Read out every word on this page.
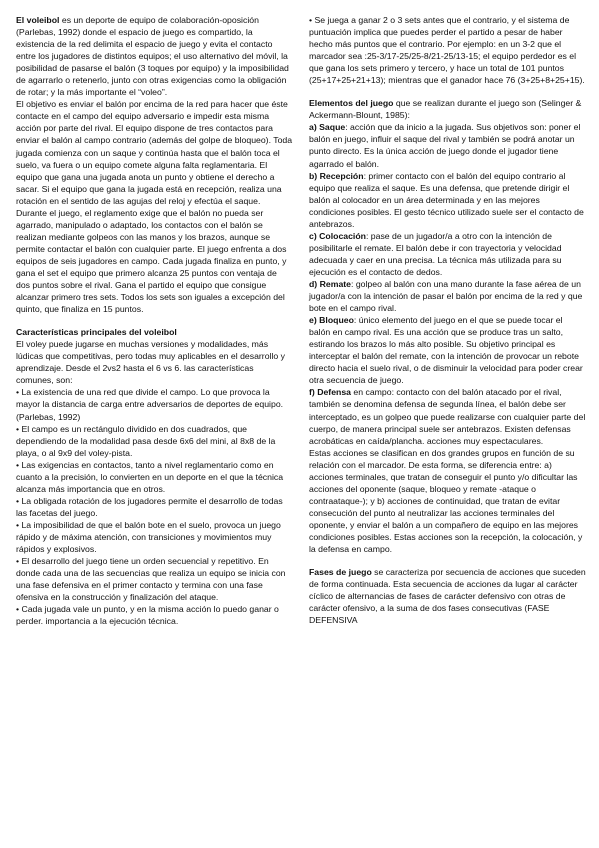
El voleibol es un deporte de equipo de colaboración-oposición (Parlebas, 1992) donde el espacio de juego es compartido, la existencia de la red delimita el espacio de juego y evita el contacto entre los jugadores de distintos equipos; el uso alternativo del móvil, la posibilidad de pasarse el balón (3 toques por equipo) y la imposibilidad de agarrarlo o retenerlo, junto con otras exigencias como la obligación de rotar; y la más importante el “voleo”.

El objetivo es enviar el balón por encima de la red para hacer que éste contacte en el campo del equipo adversario e impedir esta misma acción por parte del rival. El equipo dispone de tres contactos para enviar el balón al campo contrario (además del golpe de bloqueo). Toda jugada comienza con un saque y continúa hasta que el balón toca el suelo, va fuera o un equipo comete alguna falta reglamentaria. El equipo que gana una jugada anota un punto y obtiene el derecho a sacar. Si el equipo que gana la jugada está en recepción, realiza una rotación en el sentido de las agujas del reloj y efectúa el saque. Durante el juego, el reglamento exige que el balón no pueda ser agarrado, manipulado o adaptado, los contactos con el balón se realizan mediante golpeos con las manos y los brazos, aunque se permite contactar el balón con cualquier parte. El juego enfrenta a dos equipos de seis jugadores en campo. Cada jugada finaliza en punto, y gana el set el equipo que primero alcanza 25 puntos con ventaja de dos puntos sobre el rival. Gana el partido el equipo que consigue alcanzar primero tres sets. Todos los sets son iguales a excepción del quinto, que finaliza en 15 puntos.

Características principales del voleibol

El voley puede jugarse en muchas versiones y modalidades, más lúdicas que competitivas, pero todas muy aplicables en el desarrollo y aprendizaje. Desde el 2vs2 hasta el 6 vs 6. las características comunes, son:

• La existencia de una red que divide el campo. Lo que provoca la mayor la distancia de carga entre adversarios de deportes de equipo. (Parlebas, 1992)

• El campo es un rectángulo dividido en dos cuadrados, que dependiendo de la modalidad pasa desde 6x6 del mini, al 8x8 de la playa, o al 9x9 del voley-pista.

• Las exigencias en contactos, tanto a nivel reglamentario como en cuanto a la precisión, lo convierten en un deporte en el que la técnica alcanza más importancia que en otros.

• La obligada rotación de los jugadores permite el desarrollo de todas las facetas del juego.

• La imposibilidad de que el balón bote en el suelo, provoca un juego rápido y de máxima atención, con transiciones y movimientos muy rápidos y explosivos.

• El desarrollo del juego tiene un orden secuencial y repetitivo. En donde cada una de las secuencias que realiza un equipo se inicia con una fase defensiva en el primer contacto y termina con una fase ofensiva en la construcción y finalización del ataque.

• Cada jugada vale un punto, y en la misma acción lo puedo ganar o perder. importancia a la ejecución técnica.

• Se juega a ganar 2 o 3 sets antes que el contrario, y el sistema de puntuación implica que puedes perder el partido a pesar de haber hecho más puntos que el contrario. Por ejemplo: en un 3-2 que el marcador sea :25-3/17-25/25-8/21-25/13-15; el equipo perdedor es el que gana los sets primero y tercero, y hace un total de 101 puntos (25+17+25+21+13); mientras que el ganador hace 76 (3+25+8+25+15).

Elementos del juego que se realizan durante el juego son (Selinger & Ackermann-Blount, 1985):

a) Saque: acción que da inicio a la jugada. Sus objetivos son: poner el balón en juego, influir el saque del rival y también se podrá anotar un punto directo. Es la única acción de juego donde el jugador tiene agarrado el balón.

b) Recepción: primer contacto con el balón del equipo contrario al equipo que realiza el saque. Es una defensa, que pretende dirigir el balón al colocador en un área determinada y en las mejores condiciones posibles. El gesto técnico utilizado suele ser el contacto de antebrazos.

c) Colocación: pase de un jugador/a a otro con la intención de posibilitarle el remate. El balón debe ir con trayectoria y velocidad adecuada y caer en una precisa. La técnica más utilizada para su ejecución es el contacto de dedos.

d) Remate: golpeo al balón con una mano durante la fase aérea de un jugador/a con la intención de pasar el balón por encima de la red y que bote en el campo rival.

e) Bloqueo: único elemento del juego en el que se puede tocar el balón en campo rival. Es una acción que se produce tras un salto, estirando los brazos lo más alto posible. Su objetivo principal es interceptar el balón del remate, con la intención de provocar un rebote directo hacia el suelo rival, o de disminuir la velocidad para poder crear otra secuencia de juego.

f) Defensa en campo: contacto con del balón atacado por el rival, también se denomina defensa de segunda línea, el balón debe ser interceptado, es un golpeo que puede realizarse con cualquier parte del cuerpo, de manera principal suele ser antebrazos. Existen defensas acrobáticas en caída/plancha. acciones muy espectaculares.

Estas acciones se clasifican en dos grandes grupos en función de su relación con el marcador. De esta forma, se diferencia entre: a) acciones terminales, que tratan de conseguir el punto y/o dificultar las acciones del oponente (saque, bloqueo y remate -ataque o contraataque-); y b) acciones de continuidad, que tratan de evitar consecución del punto al neutralizar las acciones terminales del oponente, y enviar el balón a un compañero de equipo en las mejores condiciones posibles. Estas acciones son la recepción, la colocación, y la defensa en campo.

Fases de juego se caracteriza por secuencia de acciones que suceden de forma continuada. Esta secuencia de acciones da lugar al carácter cíclico de alternancias de fases de carácter defensivo con otras de carácter ofensivo, a la suma de dos fases consecutivas (FASE DEFENSIVA
